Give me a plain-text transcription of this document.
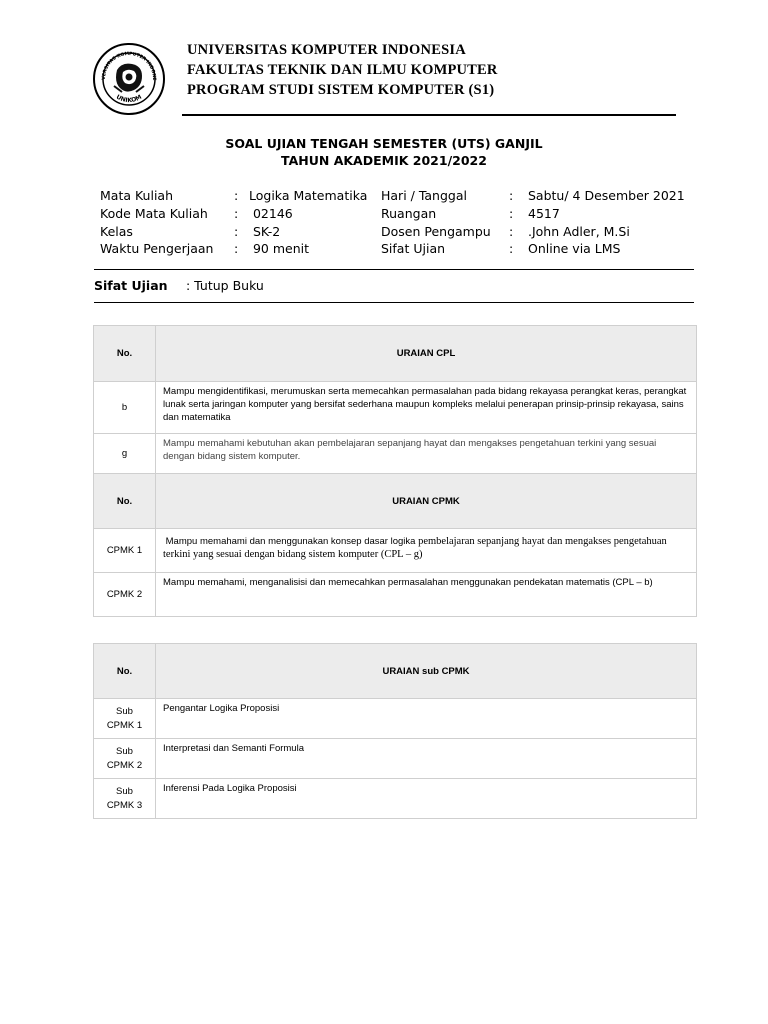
VERSITAS KOMPUTER INDONE
UNIKOM
UNIVERSITAS KOMPUTER INDONESIA
FAKULTAS TEKNIK DAN ILMU KOMPUTER
PROGRAM STUDI SISTEM KOMPUTER (S1)
SOAL UJIAN TENGAH SEMESTER (UTS) GANJIL
TAHUN AKADEMIK 2021/2022
Mata Kuliah	: Logika Matematika Hari / Tanggal	: Sabtu/ 4 Desember 2021
Kode Mata Kuliah : 02146	Ruangan	: 4517
Kelas	: SK-2	Dosen Pengampu : .John Adler, M.Si
Waktu Pengerjaan : 90 menit	Sifat Ujian	: Online via LMS
Sifat Ujian : Tutup Buku
No.	URAIAN CPL
b	Mampu mengidentifikasi, merumuskan serta memecahkan permasalahan pada bidang rekayasa perangkat keras, perangkat lunak serta jaringan komputer yang bersifat sederhana maupun kompleks melalui penerapan prinsip-prinsip rekayasa, sains dan matematika
g	Mampu memahami kebutuhan akan pembelajaran sepanjang hayat dan mengakses pengetahuan terkini yang sesuai dengan bidang sistem komputer.
No.	URAIAN CPMK
CPMK 1	Mampu memahami dan menggunakan konsep dasar logika pembelajaran sepanjang hayat dan mengakses pengetahuan terkini yang sesuai dengan bidang sistem komputer (CPL – g)
CPMK 2	Mampu memahami, menganalisisi dan memecahkan permasalahan menggunakan pendekatan matematis (CPL – b)
No.	URAIAN sub CPMK

Sub
CPMK 1	Pengantar Logika Proposisi

Sub
CPMK 2	Interpretasi dan Semanti Formula

Sub
CPMK 3	Inferensi Pada Logika Proposisi
